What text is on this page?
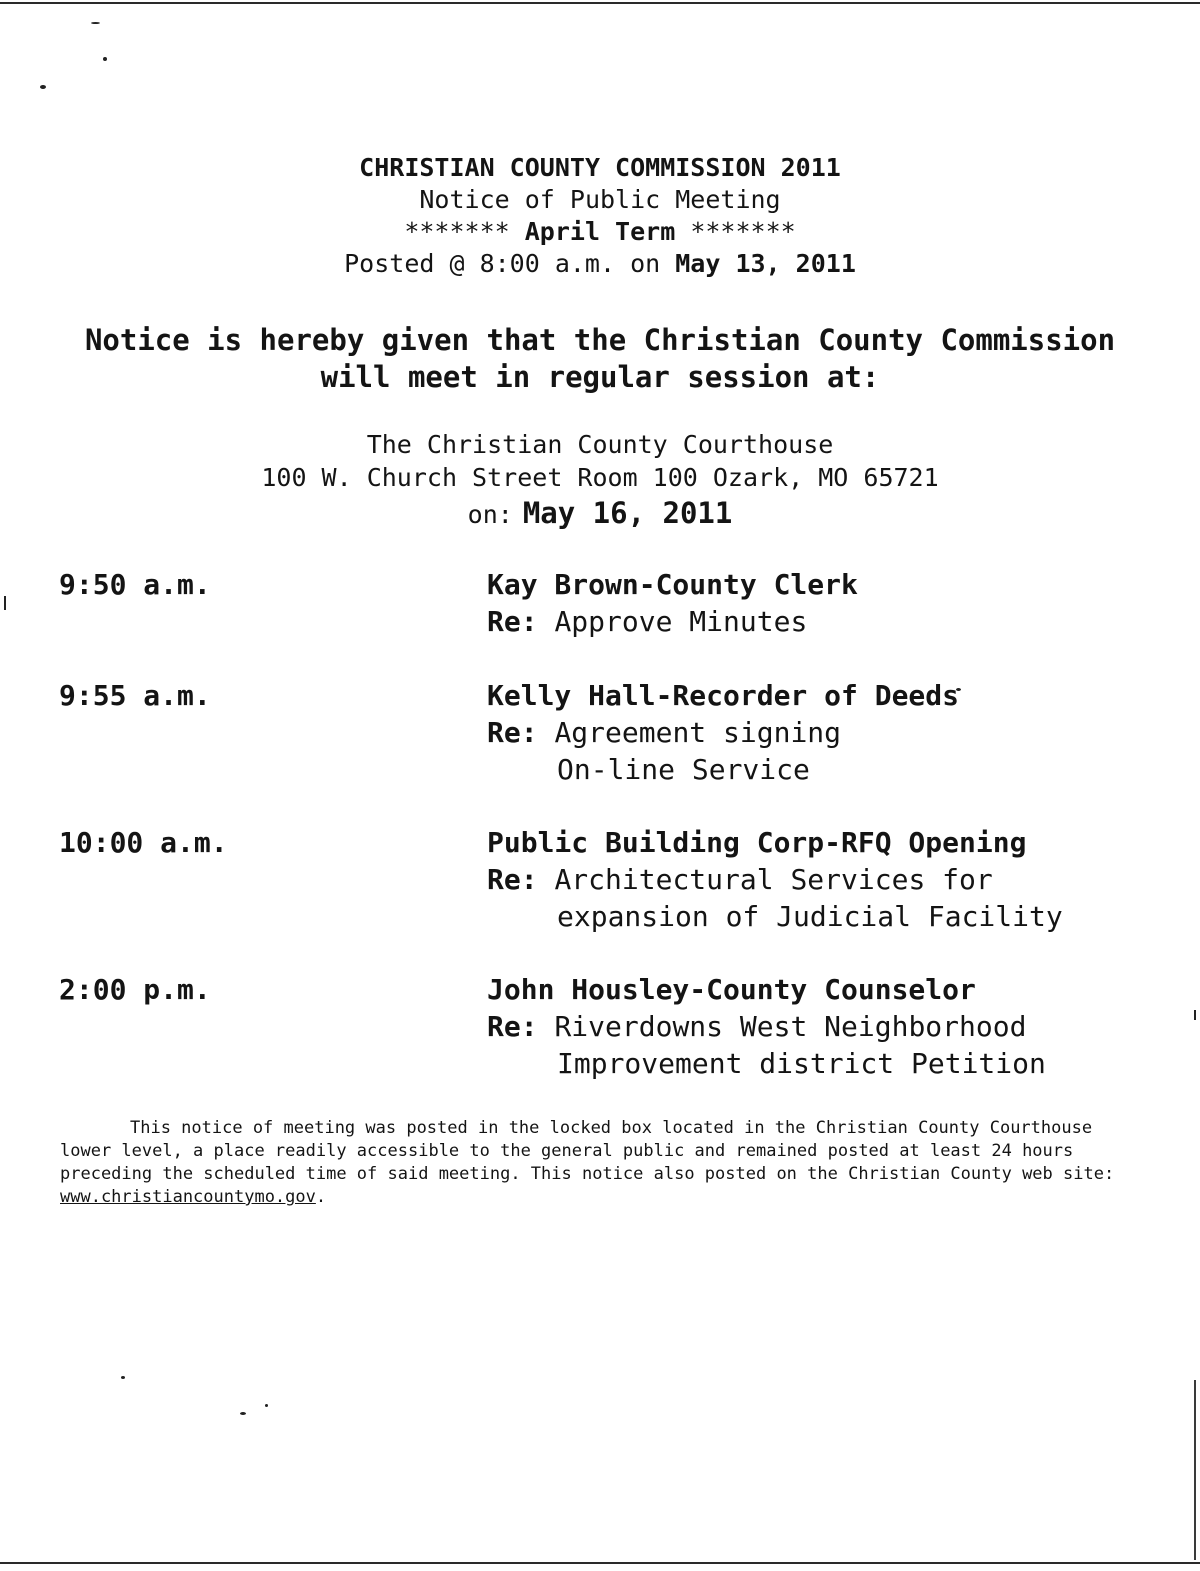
CHRISTIAN COUNTY COMMISSION 2011
Notice of Public Meeting
******* April Term *******
Posted @ 8:00 a.m. on May 13, 2011
Notice is hereby given that the Christian County Commission
will meet in regular session at:
The Christian County Courthouse
100 W. Church Street Room 100 Ozark, MO 65721
on: May 16, 2011
9:50 a.m.	Kay Brown-County Clerk
Re: Approve Minutes
9:55 a.m.	Kelly Hall-Recorder of Deeds
Re: Agreement signing
On-line Service
10:00 a.m.	Public Building Corp-RFQ Opening
Re: Architectural Services for
expansion of Judicial Facility
2:00 p.m.	John Housley-County Counselor
Re: Riverdowns West Neighborhood
Improvement district Petition
This notice of meeting was posted in the locked box located in the Christian County Courthouse lower level, a place readily accessible to the general public and remained posted at least 24 hours preceding the scheduled time of said meeting. This notice also posted on the Christian County web site: www.christiancountymo.gov.
